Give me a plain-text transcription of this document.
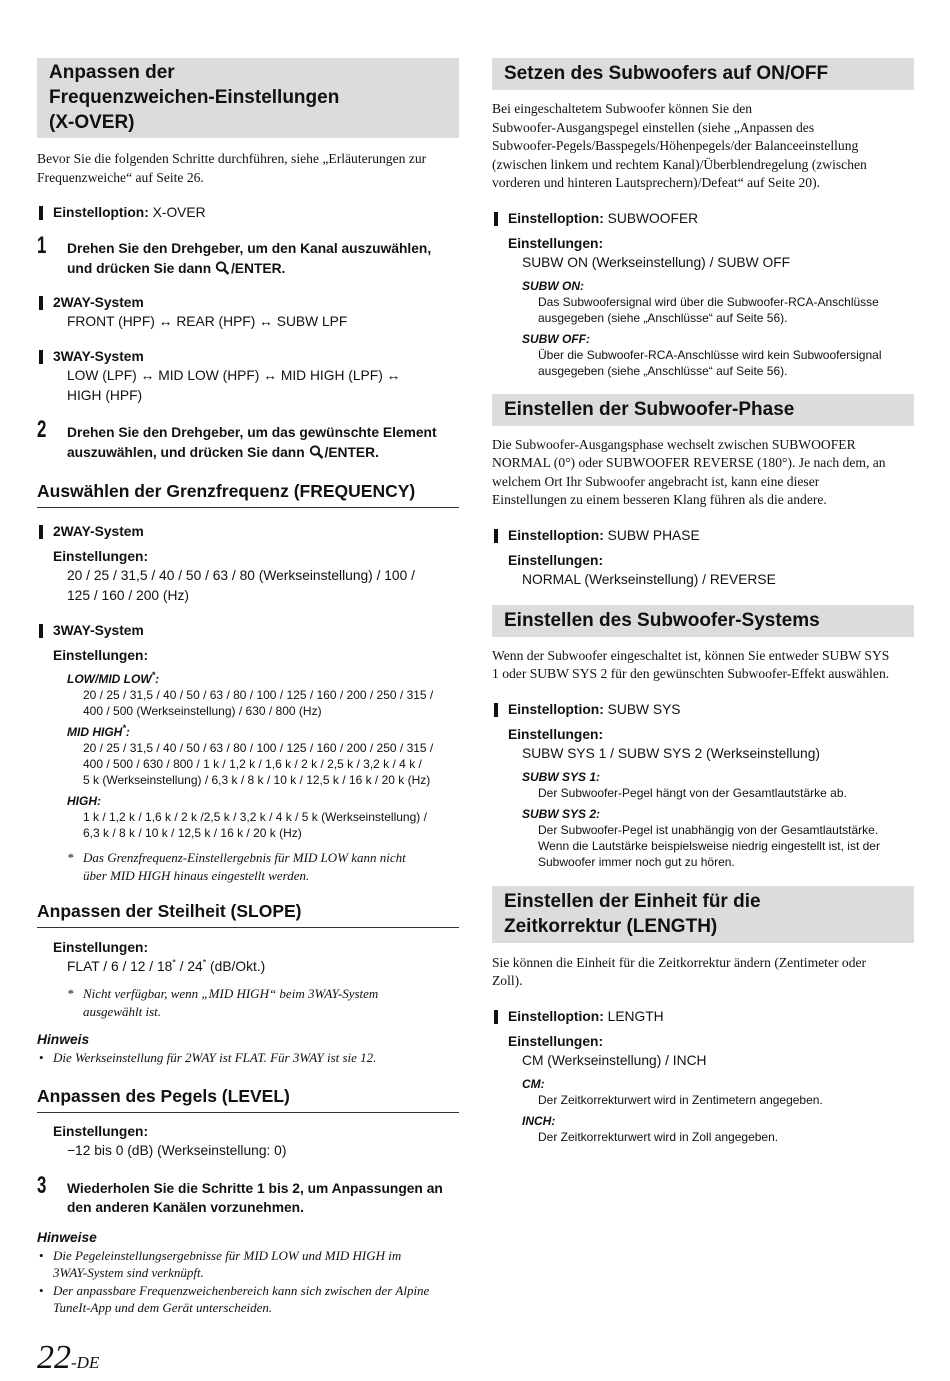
Anpassen der
Frequenzweichen-Einstellungen
(X-OVER)
Bevor Sie die folgenden Schritte durchführen, siehe „Erläuterungen zur
Frequenzweiche“ auf Seite 26.
Einstelloption: X-OVER
1 Drehen Sie den Drehgeber, um den Kanal auszuwählen,
und drücken Sie dann /ENTER.
2WAY-System
FRONT (HPF) ↔ REAR (HPF) ↔ SUBW LPF
3WAY-System
LOW (LPF) ↔ MID LOW (HPF) ↔ MID HIGH (LPF) ↔
HIGH (HPF)
2 Drehen Sie den Drehgeber, um das gewünschte Element
auszuwählen, und drücken Sie dann /ENTER.
Auswählen der Grenzfrequenz (FREQUENCY)
2WAY-System
Einstellungen:
20 / 25 / 31,5 / 40 / 50 / 63 / 80 (Werkseinstellung) / 100 /
125 / 160 / 200 (Hz)
3WAY-System
Einstellungen:
LOW/MID LOW*:
20 / 25 / 31,5 / 40 / 50 / 63 / 80 / 100 / 125 / 160 / 200 / 250 / 315 /
400 / 500 (Werkseinstellung) / 630 / 800 (Hz)
MID HIGH*:
20 / 25 / 31,5 / 40 / 50 / 63 / 80 / 100 / 125 / 160 / 200 / 250 / 315 /
400 / 500 / 630 / 800 / 1 k / 1,2 k / 1,6 k / 2 k / 2,5 k / 3,2 k / 4 k /
5 k (Werkseinstellung) / 6,3 k / 8 k / 10 k / 12,5 k / 16 k / 20 k (Hz)
HIGH:
1 k / 1,2 k / 1,6 k / 2 k /2,5 k / 3,2 k / 4 k / 5 k (Werkseinstellung) /
6,3 k / 8 k / 10 k / 12,5 k / 16 k / 20 k (Hz)
* Das Grenzfrequenz-Einstellergebnis für MID LOW kann nicht
über MID HIGH hinaus eingestellt werden.
Anpassen der Steilheit (SLOPE)
Einstellungen:
FLAT / 6 / 12 / 18* / 24* (dB/Okt.)
* Nicht verfügbar, wenn „MID HIGH“ beim 3WAY-System
ausgewählt ist.
Hinweis
• Die Werkseinstellung für 2WAY ist FLAT. Für 3WAY ist sie 12.
Anpassen des Pegels (LEVEL)
Einstellungen:
−12 bis 0 (dB) (Werkseinstellung: 0)
3 Wiederholen Sie die Schritte 1 bis 2, um Anpassungen an
den anderen Kanälen vorzunehmen.
Hinweise
• Die Pegeleinstellungsergebnisse für MID LOW und MID HIGH im
3WAY-System sind verknüpft.
• Der anpassbare Frequenzweichenbereich kann sich zwischen der Alpine
TuneIt-App und dem Gerät unterscheiden.
22-DE
Setzen des Subwoofers auf ON/OFF
Bei eingeschaltetem Subwoofer können Sie den
Subwoofer-Ausgangspegel einstellen (siehe „Anpassen des
Subwoofer-Pegels/Basspegels/Höhenpegels/der Balanceeinstellung
(zwischen linkem und rechtem Kanal)/Überblendregelung (zwischen
vorderen und hinteren Lautsprechern)/Defeat“ auf Seite 20).
Einstelloption: SUBWOOFER
Einstellungen:
SUBW ON (Werkseinstellung) / SUBW OFF
SUBW ON:
Das Subwoofersignal wird über die Subwoofer-RCA-Anschlüsse
ausgegeben (siehe „Anschlüsse“ auf Seite 56).
SUBW OFF:
Über die Subwoofer-RCA-Anschlüsse wird kein Subwoofersignal
ausgegeben (siehe „Anschlüsse“ auf Seite 56).
Einstellen der Subwoofer-Phase
Die Subwoofer-Ausgangsphase wechselt zwischen SUBWOOFER
NORMAL (0°) oder SUBWOOFER REVERSE (180°). Je nach dem, an
welchem Ort Ihr Subwoofer angebracht ist, kann eine dieser
Einstellungen zu einem besseren Klang führen als die andere.
Einstelloption: SUBW PHASE
Einstellungen:
NORMAL (Werkseinstellung) / REVERSE
Einstellen des Subwoofer-Systems
Wenn der Subwoofer eingeschaltet ist, können Sie entweder SUBW SYS
1 oder SUBW SYS 2 für den gewünschten Subwoofer-Effekt auswählen.
Einstelloption: SUBW SYS
Einstellungen:
SUBW SYS 1 / SUBW SYS 2 (Werkseinstellung)
SUBW SYS 1:
Der Subwoofer-Pegel hängt von der Gesamtlautstärke ab.
SUBW SYS 2:
Der Subwoofer-Pegel ist unabhängig von der Gesamtlautstärke.
Wenn die Lautstärke beispielsweise niedrig eingestellt ist, ist der
Subwoofer immer noch gut zu hören.
Einstellen der Einheit für die
Zeitkorrektur (LENGTH)
Sie können die Einheit für die Zeitkorrektur ändern (Zentimeter oder
Zoll).
Einstelloption: LENGTH
Einstellungen:
CM (Werkseinstellung) / INCH
CM:
Der Zeitkorrekturwert wird in Zentimetern angegeben.
INCH:
Der Zeitkorrekturwert wird in Zoll angegeben.
